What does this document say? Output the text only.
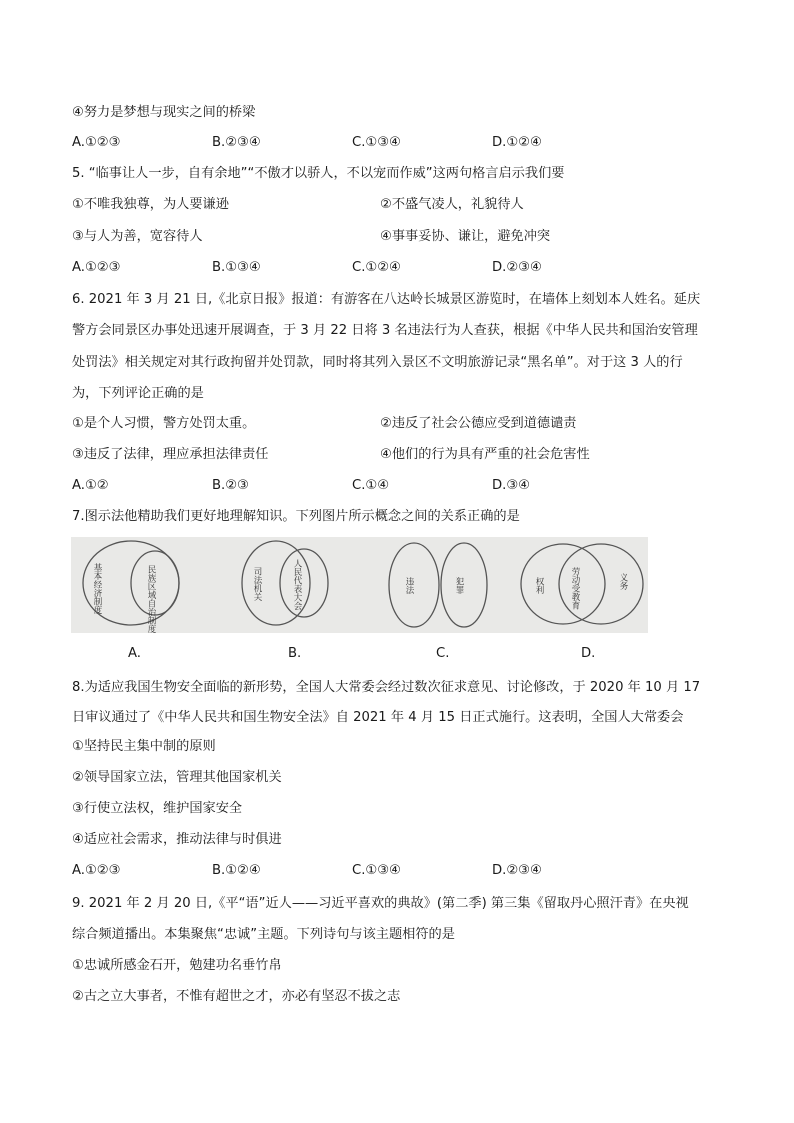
④努力是梦想与现实之间的桥梁
A.①②③	B.②③④	C.①③④	D.①②④
5. “临事让人一步，自有余地”“不傲才以骄人，不以宠而作威”这两句格言启示我们要
①不唯我独尊，为人要谦逊	②不盛气凌人，礼貌待人
③与人为善，宽容待人	④事事妥协、谦让，避免冲突
A.①②③	B.①③④	C.①②④	D.②③④
6. 2021 年 3 月 21 日,《北京日报》报道：有游客在八达岭长城景区游览时，在墙体上刻划本人姓名。延庆
警方会同景区办事处迅速开展调查，于 3 月 22 日将 3 名违法行为人查获，根据《中华人民共和国治安管理
处罚法》相关规定对其行政拘留并处罚款，同时将其列入景区不文明旅游记录“黑名单”。对于这 3 人的行
为，下列评论正确的是
①是个人习惯，警方处罚太重。	②违反了社会公德应受到道德谴责
③违反了法律，理应承担法律责任	④他们的行为具有严重的社会危害性
A.①②	B.②③	C.①④	D.③④
7.图示法他精助我们更好地理解知识。下列图片所示概念之间的关系正确的是
基本经济制度	民族区域自治制度	司法机关	人民代表大会	违法	犯罪	权利	劳动受教育	义务
A.	B.	C.	D.
8.为适应我国生物安全面临的新形势，全国人大常委会经过数次征求意见、讨论修改，于 2020 年 10 月 17
日审议通过了《中华人民共和国生物安全法》自 2021 年 4 月 15 日正式施行。这表明，全国人大常委会
①坚持民主集中制的原则
②领导国家立法，管理其他国家机关
③行使立法权，维护国家安全
④适应社会需求，推动法律与时俱进
A.①②③	B.①②④	C.①③④	D.②③④
9. 2021 年 2 月 20 日,《平“语”近人——习近平喜欢的典故》(第二季) 第三集《留取丹心照汗青》在央视
综合频道播出。本集聚焦“忠诚”主题。下列诗句与该主题相符的是
①忠诚所感金石开，勉建功名垂竹帛
②古之立大事者，不惟有超世之才，亦必有坚忍不拔之志
